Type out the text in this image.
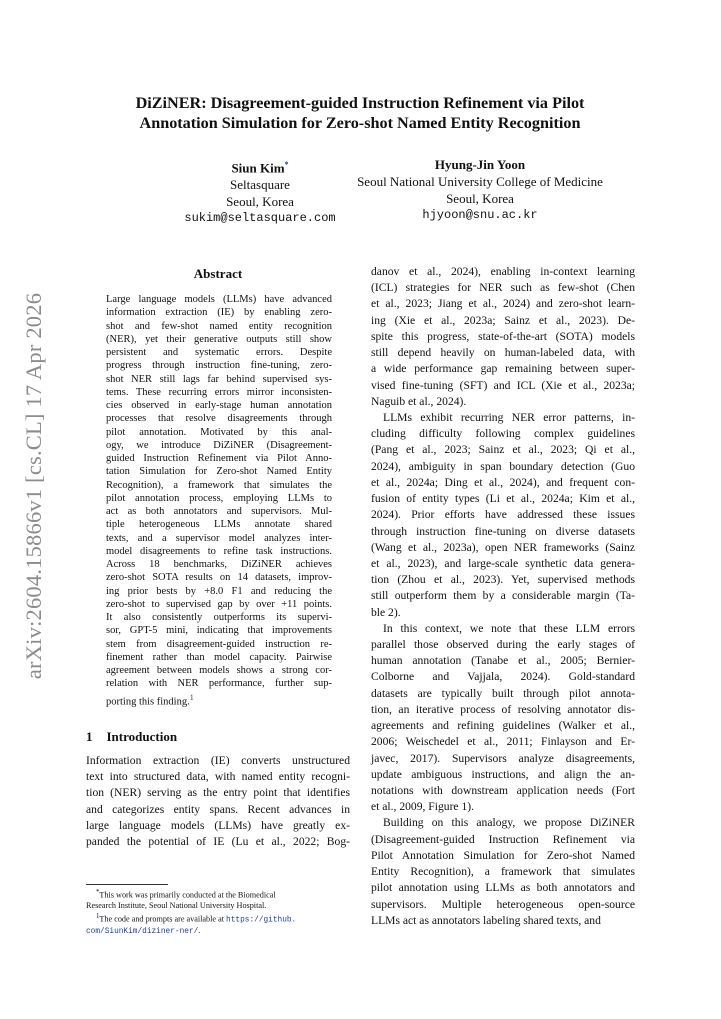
arXiv:2604.15866v1 [cs.CL] 17 Apr 2026
DiZiNER: Disagreement-guided Instruction Refinement via Pilot
Annotation Simulation for Zero-shot Named Entity Recognition
Siun Kim*
Seltasquare
Seoul, Korea
sukim@seltasquare.com
Hyung-Jin Yoon
Seoul National University College of Medicine
Seoul, Korea
hjyoon@snu.ac.kr
Abstract
Large language models (LLMs) have advanced
information extraction (IE) by enabling zero-
shot and few-shot named entity recognition
(NER), yet their generative outputs still show
persistent and systematic errors. Despite
progress through instruction fine-tuning, zero-
shot NER still lags far behind supervised sys-
tems. These recurring errors mirror inconsisten-
cies observed in early-stage human annotation
processes that resolve disagreements through
pilot annotation. Motivated by this anal-
ogy, we introduce DiZiNER (Disagreement-
guided Instruction Refinement via Pilot Anno-
tation Simulation for Zero-shot Named Entity
Recognition), a framework that simulates the
pilot annotation process, employing LLMs to
act as both annotators and supervisors. Mul-
tiple heterogeneous LLMs annotate shared
texts, and a supervisor model analyzes inter-
model disagreements to refine task instructions.
Across 18 benchmarks, DiZiNER achieves
zero-shot SOTA results on 14 datasets, improv-
ing prior bests by +8.0 F1 and reducing the
zero-shot to supervised gap by over +11 points.
It also consistently outperforms its supervi-
sor, GPT-5 mini, indicating that improvements
stem from disagreement-guided instruction re-
finement rather than model capacity. Pairwise
agreement between models shows a strong cor-
relation with NER performance, further sup-
porting this finding.$^1$
1 Introduction
Information extraction (IE) converts unstructured
text into structured data, with named entity recogni-
tion (NER) serving as the entry point that identifies
and categorizes entity spans. Recent advances in
large language models (LLMs) have greatly ex-
panded the potential of IE (Lu et al., 2022; Bog-
danov et al., 2024), enabling in-context learning
(ICL) strategies for NER such as few-shot (Chen
et al., 2023; Jiang et al., 2024) and zero-shot learn-
ing (Xie et al., 2023a; Sainz et al., 2023). De-
spite this progress, state-of-the-art (SOTA) models
still depend heavily on human-labeled data, with
a wide performance gap remaining between super-
vised fine-tuning (SFT) and ICL (Xie et al., 2023a;
Naguib et al., 2024).
LLMs exhibit recurring NER error patterns, in-
cluding difficulty following complex guidelines
(Pang et al., 2023; Sainz et al., 2023; Qi et al.,
2024), ambiguity in span boundary detection (Guo
et al., 2024a; Ding et al., 2024), and frequent con-
fusion of entity types (Li et al., 2024a; Kim et al.,
2024). Prior efforts have addressed these issues
through instruction fine-tuning on diverse datasets
(Wang et al., 2023a), open NER frameworks (Sainz
et al., 2023), and large-scale synthetic data genera-
tion (Zhou et al., 2023). Yet, supervised methods
still outperform them by a considerable margin (Ta-
ble 2).
In this context, we note that these LLM errors
parallel those observed during the early stages of
human annotation (Tanabe et al., 2005; Bernier-
Colborne and Vajjala, 2024). Gold-standard
datasets are typically built through pilot annota-
tion, an iterative process of resolving annotator dis-
agreements and refining guidelines (Walker et al.,
2006; Weischedel et al., 2011; Finlayson and Er-
javec, 2017). Supervisors analyze disagreements,
update ambiguous instructions, and align the an-
notations with downstream application needs (Fort
et al., 2009, Figure 1).
Building on this analogy, we propose DiZiNER
(Disagreement-guided Instruction Refinement via
Pilot Annotation Simulation for Zero-shot Named
Entity Recognition), a framework that simulates
pilot annotation using LLMs as both annotators and
supervisors. Multiple heterogeneous open-source
LLMs act as annotators labeling shared texts, and
*This work was primarily conducted at the Biomedical
Research Institute, Seoul National University Hospital.
$^1$The code and prompts are available at https://github.
com/SiunKim/diziner-ner/.
